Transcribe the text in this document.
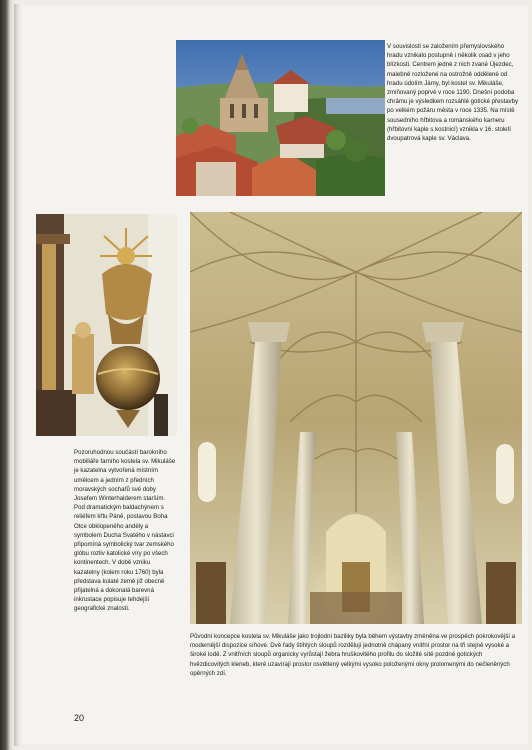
V souvislosti se založením přemyslovského hradu vznikalo postupně i několik osad v jeho blízkosti. Centrem jedné z nich zvané Újezdec, malebně rozložené na ostrožně oddělené od hradu údolím Jámy, byl kostel sv. Mikuláše, zmiňovaný poprvé v roce 1190. Dnešní podoba chrámu je výsledkem rozsáhlé gotické přestavby po velkém požáru města v roce 1335. Na místě sousedního hřbitova a románského karneru (hřbitovní kaple s kostnicí) vznikla v 16. století dvoupatrová kaple sv. Václava.

Pozoruhodnou součástí barokního mobiliáře farního kostela sv. Mikuláše je kazatelna vytvořená místním umělcem a jedním z předních moravských sochařů své doby Josefem Winterhalderem starším. Pod dramatickým baldachýnem s reliéfem křtu Páně, postavou Boha Otce obklopeného anděly a symbolem Ducha Svatého v nástavci připomíná symbolický tvar zemského glóbu rozliv katolické víry po všech kontinentech. V době vzniku kazatelny (kolem roku 1760) byla představa kulaté země již obecně přijatelná a dokonalá barevná inkrustace popisuje tehdejší geografické znalosti.

Původní koncepce kostela sv. Mikuláše jako trojlodní baziliky byla během výstavby změněna ve prospěch pokrokovější a modernější dispozice síňové. Dvě řady štíhlých sloupů rozdělují jednotně chápaný vnitřní prostor na tři stejně vysoké a široké lodě. Z vnitřních sloupů organicky vyrůstají žebra hruškovitého profilu do složité sítě pozdně gotických hvězdicovitých kleneb, které uzavírají prostor osvětlený velkými vysoko položenými okny prolomenými do nečleněných opěrných zdí.

20
